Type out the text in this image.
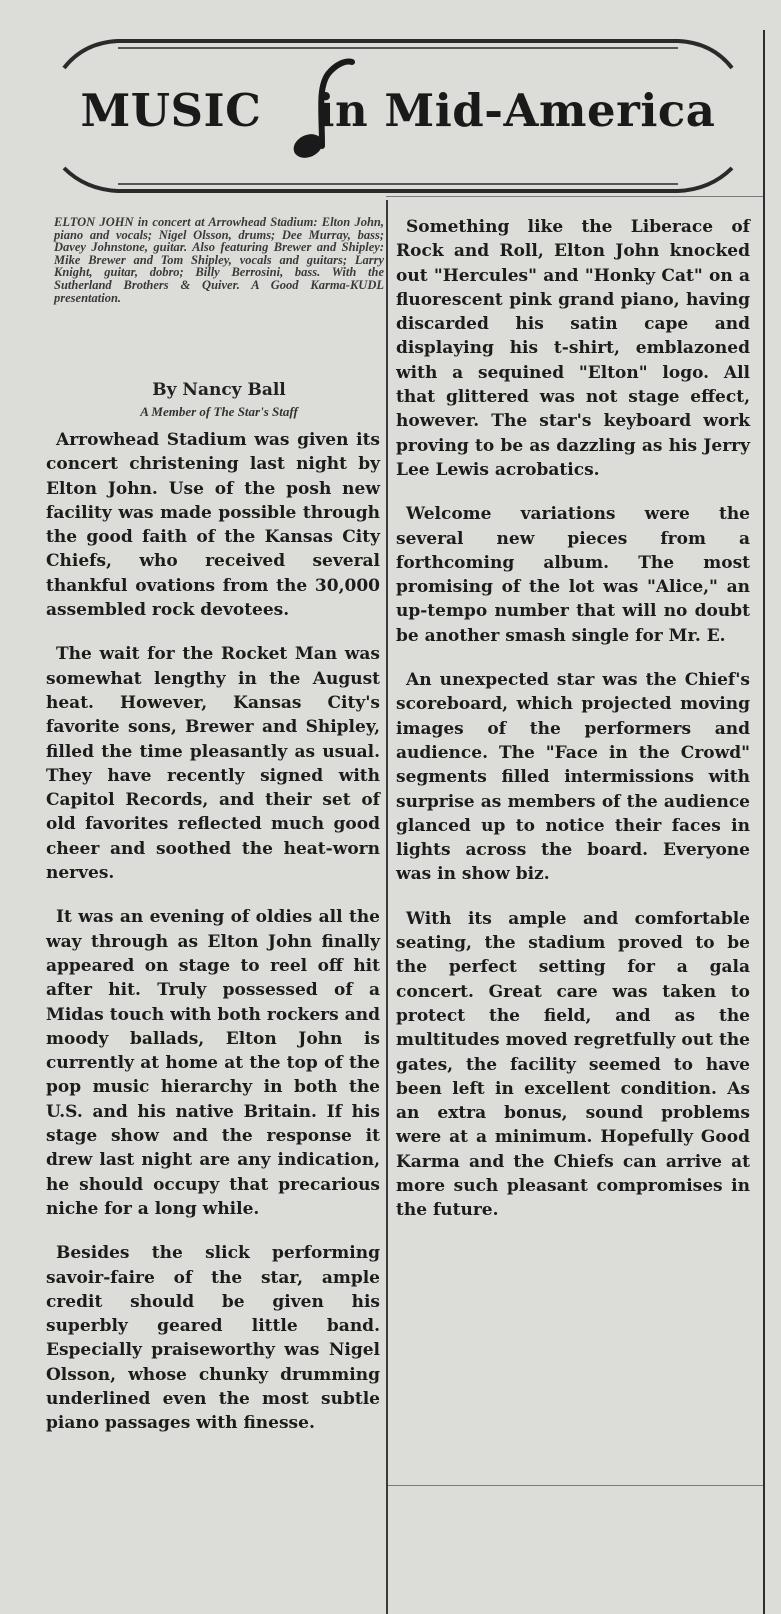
MUSIC in Mid-America
ELTON JOHN in concert at Arrowhead Stadium: Elton John, piano and vocals; Nigel Olsson, drums; Dee Murray, bass; Davey Johnstone, guitar. Also featuring Brewer and Shipley: Mike Brewer and Tom Shipley, vocals and guitars; Larry Knight, guitar, dobro; Billy Berrosini, bass. With the Sutherland Brothers & Quiver. A Good Karma-KUDL presentation.
By Nancy Ball
A Member of The Star's Staff

Arrowhead Stadium was given its concert christening last night by Elton John. Use of the posh new facility was made possible through the good faith of the Kansas City Chiefs, who received several thankful ovations from the 30,000 assembled rock devotees.

The wait for the Rocket Man was somewhat lengthy in the August heat. However, Kansas City's favorite sons, Brewer and Shipley, filled the time pleasantly as usual. They have recently signed with Capitol Records, and their set of old favorites reflected much good cheer and soothed the heat-worn nerves.

It was an evening of oldies all the way through as Elton John finally appeared on stage to reel off hit after hit. Truly possessed of a Midas touch with both rockers and moody ballads, Elton John is currently at home at the top of the pop music hierarchy in both the U.S. and his native Britain. If his stage show and the response it drew last night are any indication, he should occupy that precarious niche for a long while.

Besides the slick performing savoir-faire of the star, ample credit should be given his superbly geared little band. Especially praiseworthy was Nigel Olsson, whose chunky drumming underlined even the most subtle piano passages with finesse.

Something like the Liberace of Rock and Roll, Elton John knocked out "Hercules" and "Honky Cat" on a fluorescent pink grand piano, having discarded his satin cape and displaying his t-shirt, emblazoned with a sequined "Elton" logo. All that glittered was not stage effect, however. The star's keyboard work proving to be as dazzling as his Jerry Lee Lewis acrobatics.

Welcome variations were the several new pieces from a forthcoming album. The most promising of the lot was "Alice," an up-tempo number that will no doubt be another smash single for Mr. E.

An unexpected star was the Chief's scoreboard, which projected moving images of the performers and audience. The "Face in the Crowd" segments filled intermissions with surprise as members of the audience glanced up to notice their faces in lights across the board. Everyone was in show biz.

With its ample and comfortable seating, the stadium proved to be the perfect setting for a gala concert. Great care was taken to protect the field, and as the multitudes moved regretfully out the gates, the facility seemed to have been left in excellent condition. As an extra bonus, sound problems were at a minimum. Hopefully Good Karma and the Chiefs can arrive at more such pleasant compromises in the future.
